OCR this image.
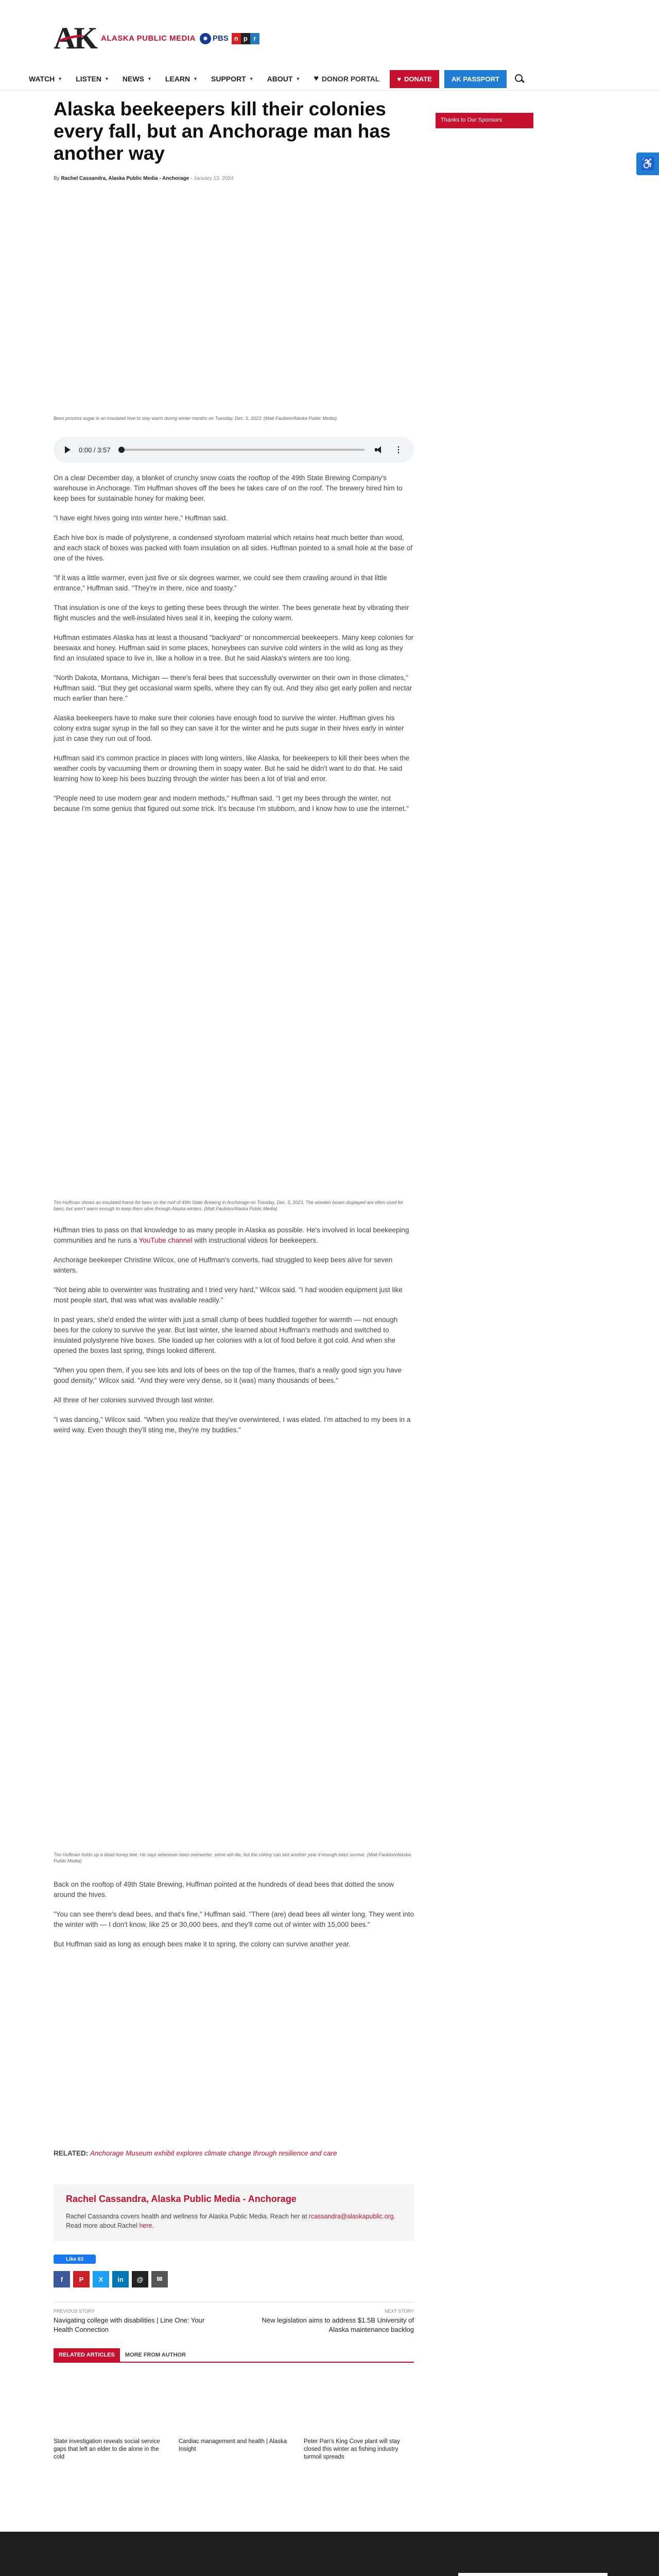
AK ALASKA PUBLIC MEDIA	◉ PBS n p r
WATCH ▼ LISTEN ▼ NEWS ▼ LEARN ▼ SUPPORT ▼ ABOUT ▼ ♥ DONOR PORTAL	♥ DONATE	AK PASSPORT
♿
Alaska beekeepers kill their colonies every fall, but an Anchorage man has another way
By Rachel Cassandra, Alaska Public Media - Anchorage - January 13, 2024
Thanks to Our Sponsors
Bees process sugar in an insulated hive to stay warm during winter months on Tuesday, Dec. 5, 2023. (Matt Faubion/Alaska Public Media)
0:00 / 3:57	⋮

On a clear December day, a blanket of crunchy snow coats the rooftop of the 49th State Brewing Company's warehouse in Anchorage. Tim Huffman shoves off the bees he takes care of on the roof. The brewery hired him to keep bees for sustainable honey for making beer.

"I have eight hives going into winter here," Huffman said.

Each hive box is made of polystyrene, a condensed styrofoam material which retains heat much better than wood, and each stack of boxes was packed with foam insulation on all sides. Huffman pointed to a small hole at the base of one of the hives.

"If it was a little warmer, even just five or six degrees warmer, we could see them crawling around in that little entrance," Huffman said. "They're in there, nice and toasty."

That insulation is one of the keys to getting these bees through the winter. The bees generate heat by vibrating their flight muscles and the well-insulated hives seal it in, keeping the colony warm.

Huffman estimates Alaska has at least a thousand "backyard" or noncommercial beekeepers. Many keep colonies for beeswax and honey. Huffman said in some places, honeybees can survive cold winters in the wild as long as they find an insulated space to live in, like a hollow in a tree. But he said Alaska's winters are too long.

"North Dakota, Montana, Michigan — there's feral bees that successfully overwinter on their own in those climates," Huffman said. "But they get occasional warm spells, where they can fly out. And they also get early pollen and nectar much earlier than here."

Alaska beekeepers have to make sure their colonies have enough food to survive the winter. Huffman gives his colony extra sugar syrup in the fall so they can save it for the winter and he puts sugar in their hives early in winter just in case they run out of food.

Huffman said it's common practice in places with long winters, like Alaska, for beekeepers to kill their bees when the weather cools by vacuuming them or drowning them in soapy water. But he said he didn't want to do that. He said learning how to keep his bees buzzing through the winter has been a lot of trial and error.

"People need to use modern gear and modern methods," Huffman said. "I get my bees through the winter, not because I'm some genius that figured out some trick. It's because I'm stubborn, and I know how to use the internet."

Tim Huffman shows an insulated frame for bees on the roof of 49th State Brewing in Anchorage on Tuesday, Dec. 5, 2023. The wooden boxes displayed are often used for bees, but aren't warm enough to keep them alive through Alaska winters. (Matt Faubion/Alaska Public Media)

Huffman tries to pass on that knowledge to as many people in Alaska as possible. He's involved in local beekeeping communities and he runs a YouTube channel with instructional videos for beekeepers.

Anchorage beekeeper Christine Wilcox, one of Huffman's converts, had struggled to keep bees alive for seven winters.

"Not being able to overwinter was frustrating and I tried very hard," Wilcox said. "I had wooden equipment just like most people start, that was what was available readily."

In past years, she'd ended the winter with just a small clump of bees huddled together for warmth — not enough bees for the colony to survive the year. But last winter, she learned about Huffman's methods and switched to insulated polystyrene hive boxes. She loaded up her colonies with a lot of food before it got cold. And when she opened the boxes last spring, things looked different.

"When you open them, if you see lots and lots of bees on the top of the frames, that's a really good sign you have good density," Wilcox said. "And they were very dense, so it (was) many thousands of bees."

All three of her colonies survived through last winter.

"I was dancing," Wilcox said. "When you realize that they've overwintered, I was elated. I'm attached to my bees in a weird way. Even though they'll sting me, they're my buddies."

Tim Huffman holds up a dead honey bee. He says whenever bees overwinter, some will die, but the colony can last another year if enough bees survive. (Matt Faubion/Alaska Public Media)

Back on the rooftop of 49th State Brewing, Huffman pointed at the hundreds of dead bees that dotted the snow around the hives.

"You can see there's dead bees, and that's fine," Huffman said. "There (are) dead bees all winter long. They went into the winter with — I don't know, like 25 or 30,000 bees, and they'll come out of winter with 15,000 bees."

But Huffman said as long as enough bees make it to spring, the colony can survive another year.

RELATED: Anchorage Museum exhibit explores climate change through resilience and care
Rachel Cassandra, Alaska Public Media - Anchorage
Rachel Cassandra covers health and wellness for Alaska Public Media. Reach her at rcassandra@alaskapublic.org. Read more about Rachel here.
Like 63
f	P	X	in	@	✉
PREVIOUS STORY
Navigating college with disabilities | Line One: Your Health Connection
NEXT STORY
New legislation aims to address $1.5B University of Alaska maintenance backlog
RELATED ARTICLES	MORE FROM AUTHOR
State investigation reveals social service gaps that left an elder to die alone in the cold
Cardiac management and health | Alaska Insight
Peter Pan's King Cove plant will stay closed this winter as fishing industry turmoil spreads
